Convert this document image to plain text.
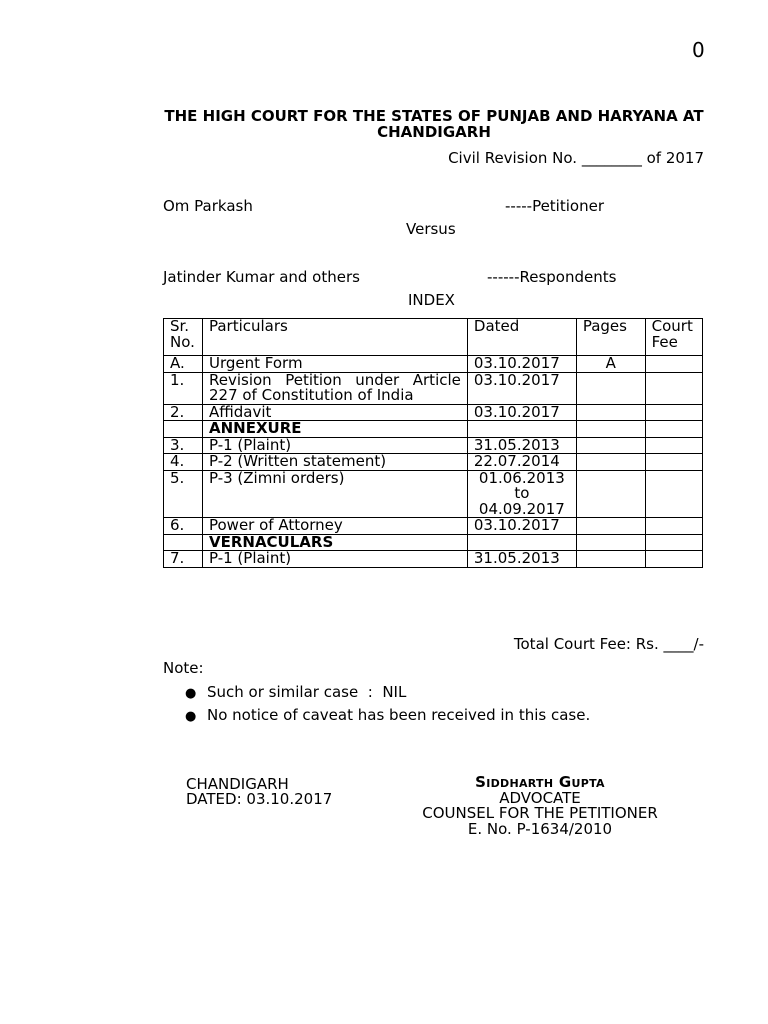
0
THE HIGH COURT FOR THE STATES OF PUNJAB AND HARYANA AT CHANDIGARH
Civil Revision No. ________ of 2017
Om Parkash	-----Petitioner
Versus
Jatinder Kumar and others	------Respondents
INDEX
Sr. No.	Particulars	Dated	Pages	Court Fee
A.	Urgent Form	03.10.2017	A	
1.	Revision Petition under Article 227 of Constitution of India	03.10.2017		
2.	Affidavit	03.10.2017		
	ANNEXURE			
3.	P-1 (Plaint)	31.05.2013		
4.	P-2 (Written statement)	22.07.2014		
5.	P-3 (Zimni orders)	01.06.2013
to
04.09.2017		

6.	Power of Attorney	03.10.2017		
	VERNACULARS			
7.	P-1 (Plaint)	31.05.2013		
Total Court Fee: Rs. ____/-
Note:
● Such or similar case  :  NIL
● No notice of caveat has been received in this case.
CHANDIGARH
DATED: 03.10.2017
Siddharth Gupta
ADVOCATE
COUNSEL FOR THE PETITIONER
E. No. P-1634/2010
